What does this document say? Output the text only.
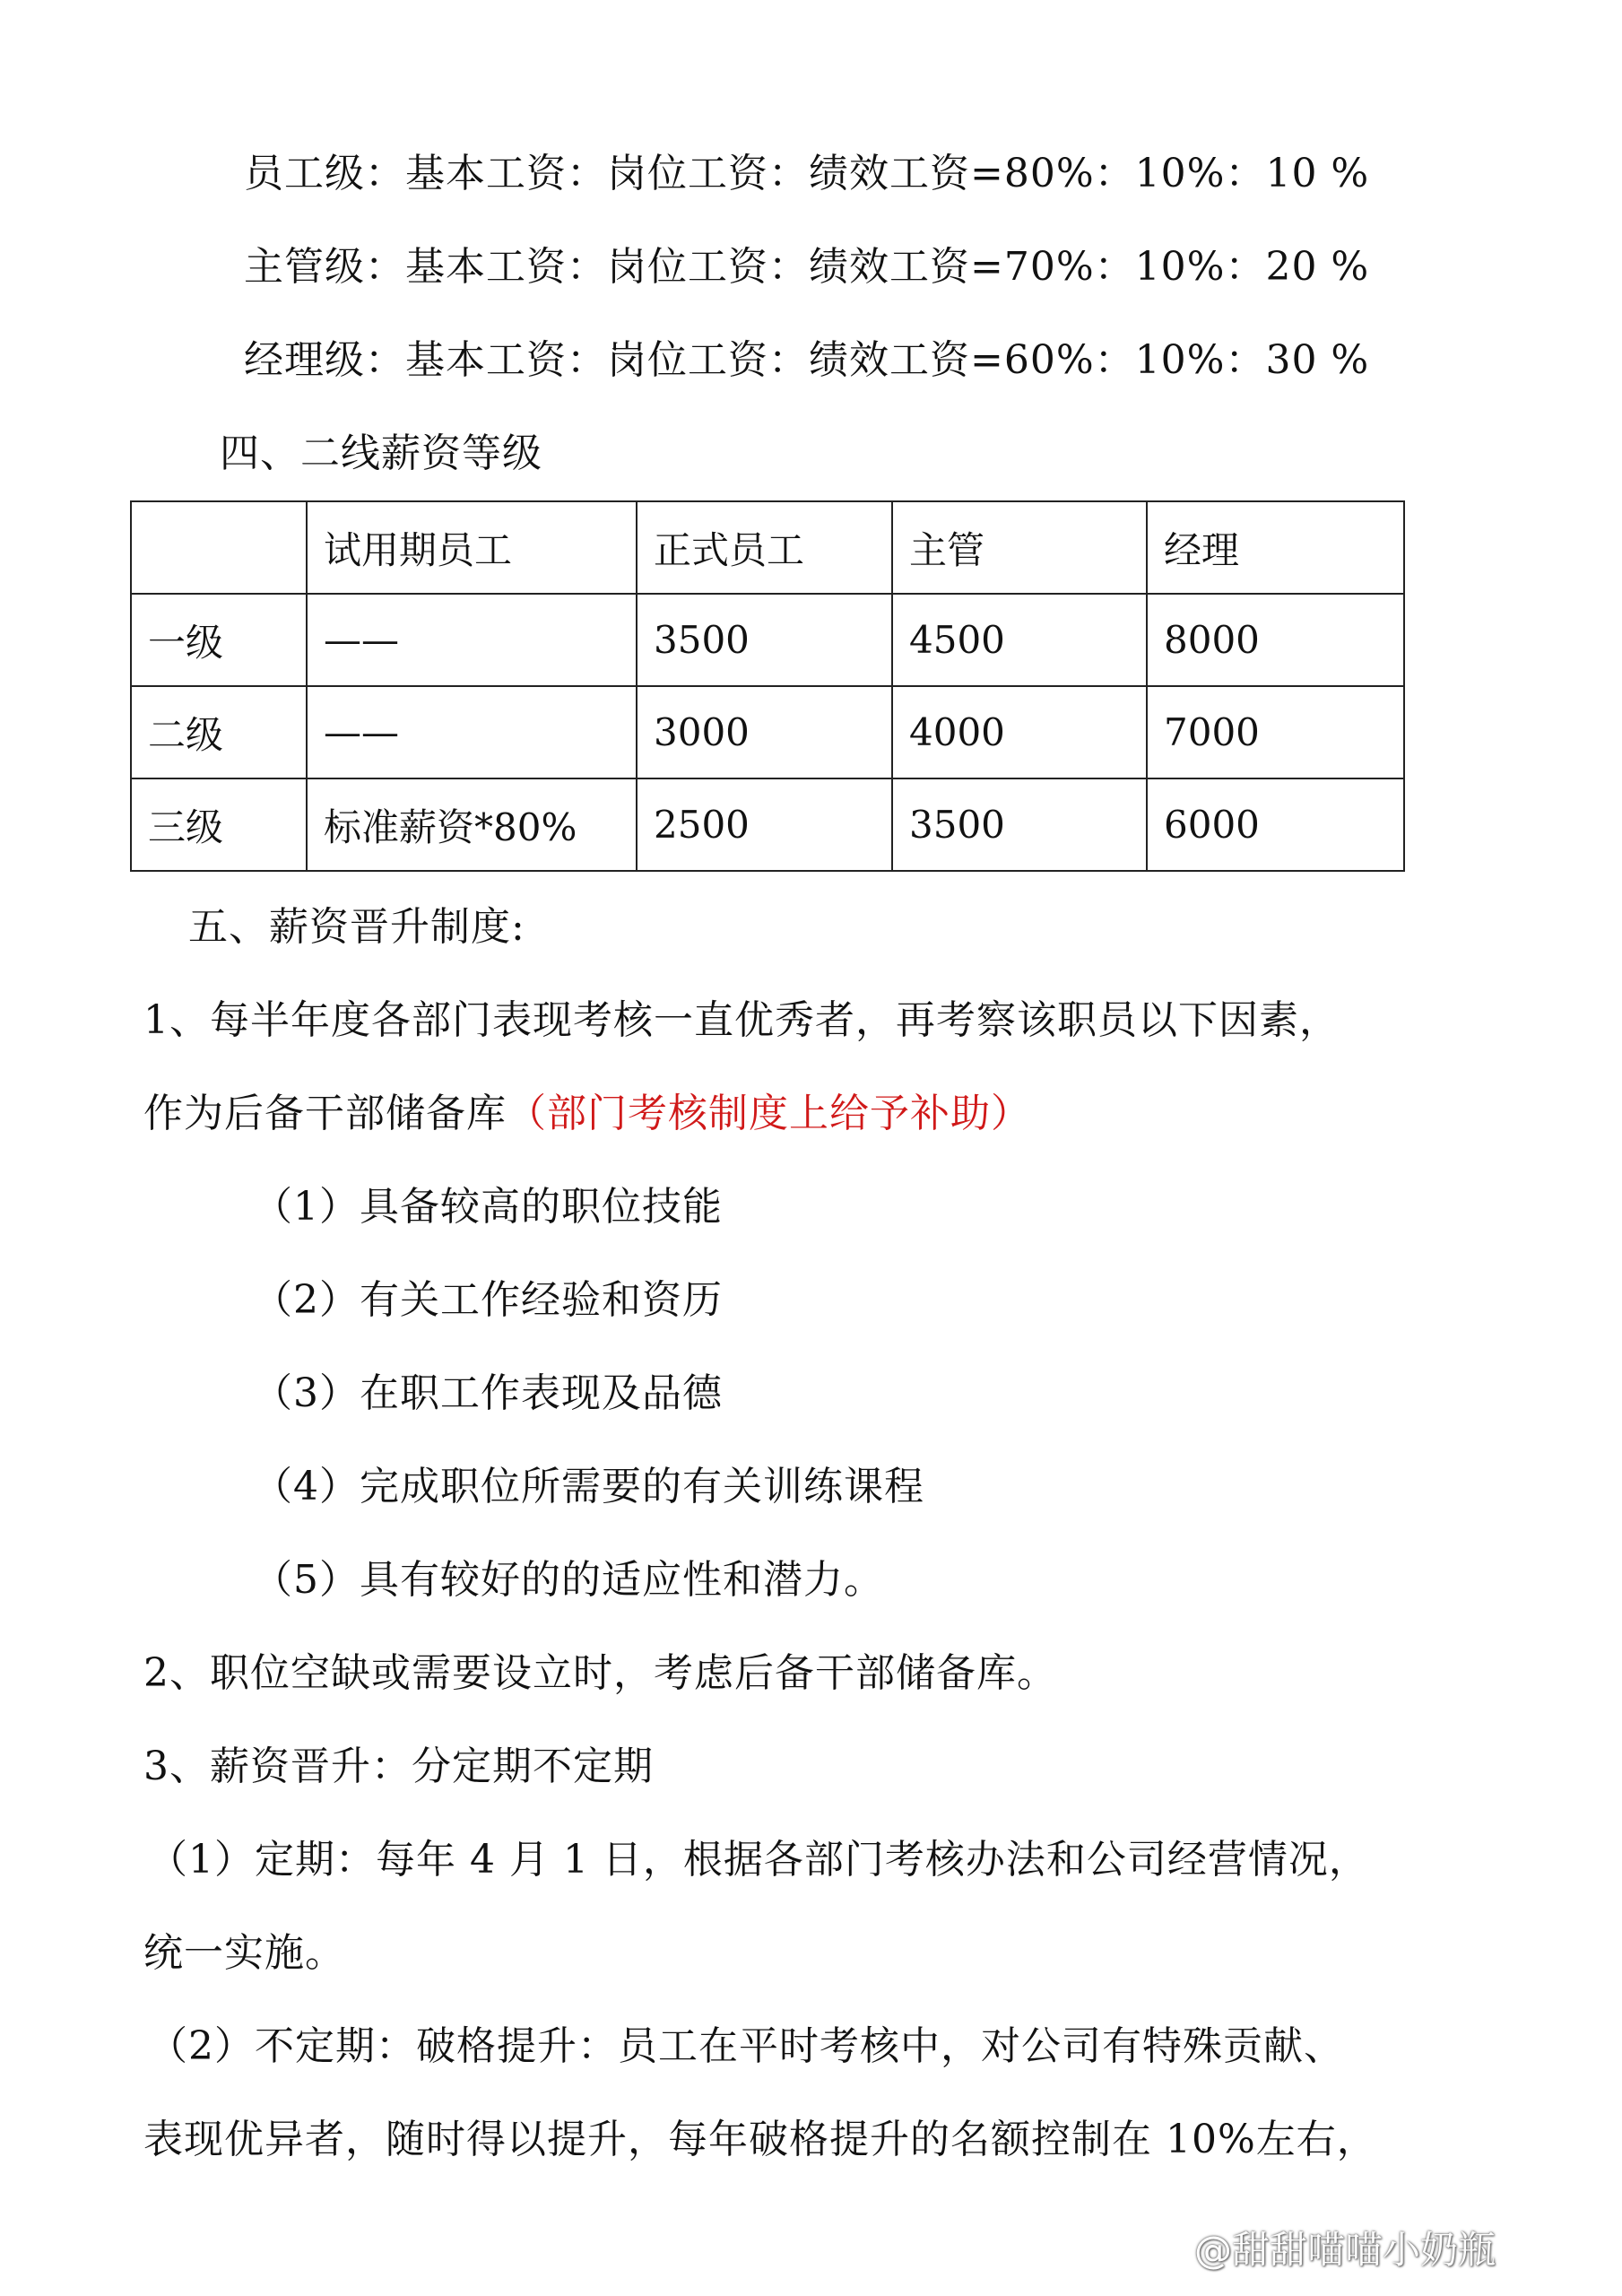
员工级：基本工资：岗位工资：绩效工资=80%：10%：10 %
主管级：基本工资：岗位工资：绩效工资=70%：10%：20 %
经理级：基本工资：岗位工资：绩效工资=60%：10%：30 %
四、二线薪资等级
	试用期员工	正式员工	主管	经理
一级	——	3500	4500	8000
二级	——	3000	4000	7000
三级	标准薪资*80%	2500	3500	6000
五、薪资晋升制度:
1、每半年度各部门表现考核一直优秀者，再考察该职员以下因素，
作为后备干部储备库（部门考核制度上给予补助）
（1）具备较高的职位技能
（2）有关工作经验和资历
（3）在职工作表现及品德
（4）完成职位所需要的有关训练课程
（5）具有较好的的适应性和潜力。
2、职位空缺或需要设立时，考虑后备干部储备库。
3、薪资晋升：分定期不定期
（1）定期：每年 4 月 1 日，根据各部门考核办法和公司经营情况，
统一实施。
（2）不定期：破格提升：员工在平时考核中，对公司有特殊贡献、
表现优异者，随时得以提升，每年破格提升的名额控制在 10%左右，
@甜甜喵喵小奶瓶
